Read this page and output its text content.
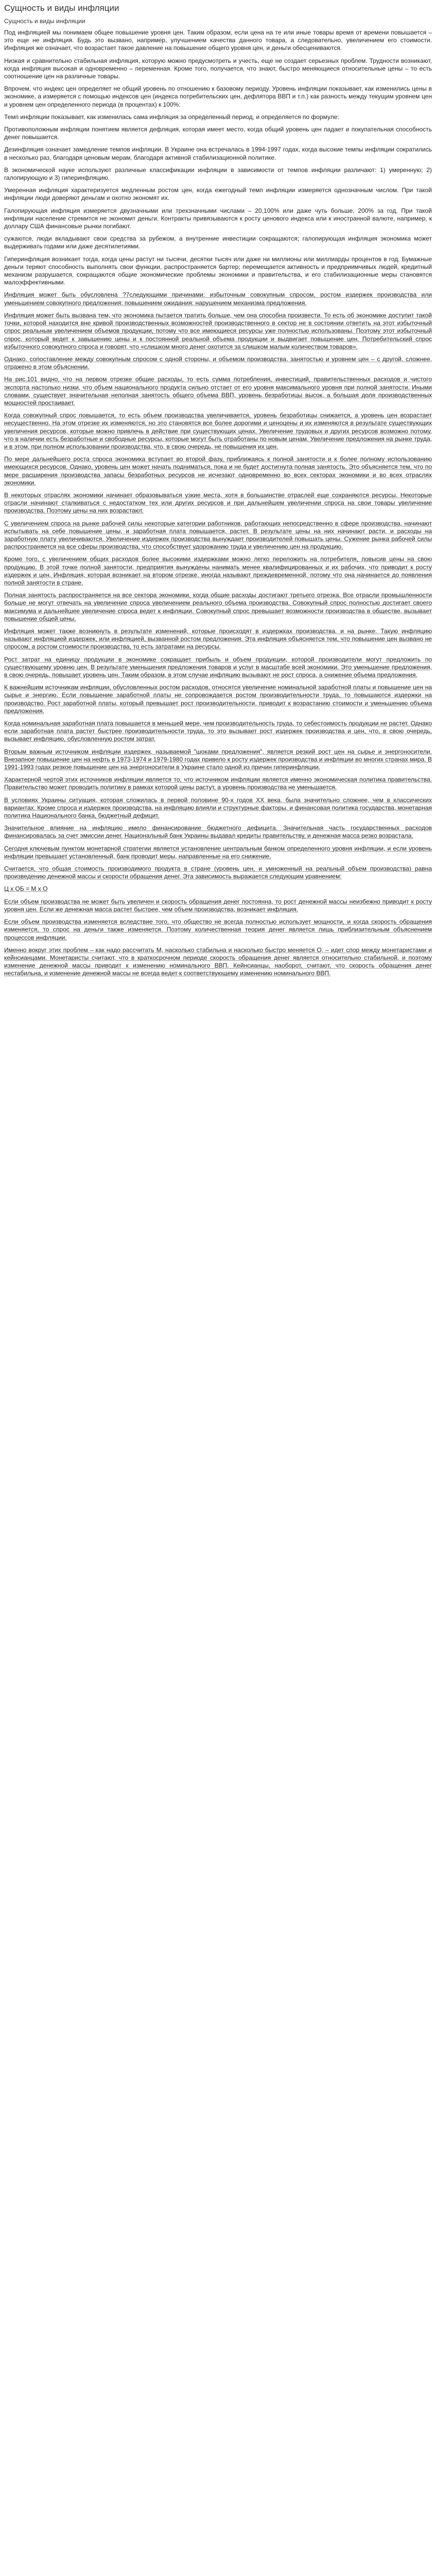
Сущность и виды инфляции
Сущность и виды инфляции

Под инфляцией мы понимаем общее повышение уровня цен. Таким образом, если цена на те или иные товары время от времени повышается – это еще не инфляция. Будь это вызвано, например, улучшением качества данного товара, а следовательно, увеличением его стоимости. Инфляция же означает, что возрастает такое давление на повышение общего уровня цен, и деньги обесцениваются.

Низкая и сравнительно стабильная инфляция, которую можно предусмотреть и учесть, еще не создает серьезных проблем. Трудности возникают, когда инфляция высокая и одновременно – переменная. Кроме того, получается, что знают, быстро меняющиеся относительные цены – то есть соотношение цен на различные товары.

Впрочем, что индекс цен определяет не общий уровень по отношению к базовому периоду. Уровень инфляции показывает, как изменились цены в экономике, а измеряется с помощью индексов цен (индекса потребительских цен, дефлятора ВВП и т.п.) как разность между текущим уровнем цен и уровнем цен определенного периода (в процентах) к 100%:

Темп инфляции показывает, как изменилась сама инфляция за определенный период, и определяется по формуле:

Противоположным инфляции понятием является дефляция, которая имеет место, когда общий уровень цен падает и покупательная способность денег повышается.

Дезинфляция означает замедление темпов инфляции. В Украине она встречалась в 1994-1997 годах, когда высокие темпы инфляции сократились в несколько раз, благодаря ценовым мерам, благодаря активной стабилизационной политике.

В экономической науке используют различные классификации инфляции в зависимости от темпов инфляции различают: 1) умеренную; 2) галопирующую и 3) гиперинфляцию.

Умеренная инфляция характеризуется медленным ростом цен, когда ежегодный темп инфляции измеряется однозначным числом. При такой инфляции люди доверяют деньгам и охотно экономят их.

Галопирующая инфляция измеряется двузначными или трехзначными числами – 20,100% или даже чуть больше, 200% за год. При такой инфляции население стремится не экономит деньги. Контракты привязываются к росту ценового индекса или к иностранной валюте, например, к доллару США финансовые рынки погибают.

сужаются, люди вкладывают свои средства за рубежом, а внутренние инвестиции сокращаются; галопирующая инфляция экономика может выдерживать годами или даже десятилетиями.

Гиперинфляция возникает тогда, когда цены растут ни тысячи, десятки тысяч или даже ни миллионы или миллиарды процентов в год. Бумажные деньги теряют способность выполнять свои функции, распространяется бартер; перемещается активность и предприимчивых людей, кредитный механизм разрушается, сокращаются общие экономические проблемы экономики и правительства, и его стабилизационные меры становятся малоэффективными.

Инфляция может быть обусловлена ?7следующими причинами: избыточным совокупным спросом, ростом издержек производства или уменьшением совокупного предложения; повышением ожидания; нарушением механизма предложения.

Инфляция может быть вызвана тем, что экономика пытается тратить больше, чем она способна произвести. То есть об экономике доступит такой точки, которой находится вне кривой производственных возможностей производственного в сектор не в состоянии ответить на этот избыточный спрос реальным увеличением объемов продукции, потому что все имеющиеся ресурсы уже полностью использованы. Поэтому этот избыточный спрос, который ведет к завышению цены и к постоянной реальной объема продукции и выдвигает повышение цен. Потребительский спрос избыточного совокупного спроса и говорят, что «слишком много денег охотится за слишком малым количеством товаров».

Однако, сопоставление между совокупным спросом с одной стороны, и объемом производства, занятостью и уровнем цен – с другой, сложнее, отражено в этом объяснении.

На рис.101 видно, что на первом отрезке общие расходы, то есть сумма потребления, инвестиций, правительственных расходов и чистого экспорта настолько низки, что объем национального продукта сильно отстает от его уровня максимального уровня при полной занятости. Иными словами, существует значительная неполная занятость общего объема ВВП, уровень безработицы высок, а большая доля производственных мощностей простаивает.

Когда совокупный спрос повышается, то есть объем производства увеличивается, уровень безработицы снижается, а уровень цен возрастает несущественно. На этом отрезке их изменяются, но это становятся все более дорогими и ценоцены и их изменяются в результате существующих увеличения ресурсов, которые можно привлечь в действие при существующих ценах. Увеличение трудовых и других ресурсов возможно потому, что в наличии есть безработные и свободные ресурсы, которые могут быть отработаны по новым ценам. Увеличение предложения на рынке труда, и в этом, при полном использовании производства, что, в свою очередь, не повышения их цен.

По мере дальнейшего роста спроса экономика вступает во второй фазу, приближаясь к полной занятости и к более полному использованию имеющихся ресурсов. Однако, уровень цен может начать подниматься, пока и не будет достигнута полная занятость. Это объясняется тем, что по мере расширения производства запасы безработных ресурсов не исчезают одновременно во всех секторах экономики и во всех отраслях экономики.

В некоторых отраслях экономики начинает образовываться узкие места, хотя в большинстве отраслей еще сохраняются ресурсы. Некоторые отрасли начинают сталкиваться с недостатком тех или других ресурсов и при дальнейшем увеличении спроса на свои товары увеличение производства. Поэтому цены на них возрастают.

С увеличением спроса на рынке рабочей силы некоторые категории работников, работающих непосредственно в сфере производства, начинают испытывать на себе повышение цены, и заработная плата повышается, растет. В результате цены на них начинают расти, и расходы на заработную плату увеличиваются. Увеличение издержек производства вынуждает производителей повышать цены. Сужение рынка рабочей силы распространяется на все сферы производства, что способствует удорожанию труда и увеличению цен на продукцию.

Кроме того, с увеличением общих расходов болee высокими издержками можно легко переложить на потребителя, повысив цены на свою продукцию. В этой точке полной занятости, предприятия вынуждены нанимать менее квалифицированных и их рабочих, что приводит к росту издержек и цен. Инфляция, которая возникает на втором отрезке, иногда называют преждевременной, потому что она начинается до появления полной занятости в стране.

Полная занятость распространяется на все сектора экономики, когда общие расходы достигают третьего отрезка. Все отрасли промышленности больше не могут отвечать на увеличение спроса увеличением реального объема производства. Совокупный спрос полностью достигает своего максимума и дальнейшее увеличение спроса ведет к инфляции. Совокупный спрос превышает возможности производства в обществе, вызывает повышение общей цены.

Инфляция может также возникнуть в результате изменений, которые происходят в издержках производства, и на рынке. Такую инфляцию называют инфляцией издержек, или инфляцией, вызванной ростом предложения. Эта инфляция объясняется тем, что повышение цен вызвано не спросом, а ростом стоимости производства, то есть затратами на ресурсы.

Рост затрат на единицу продукции в экономике сокращает прибыль и объем продукции, которой производители могут предложить по существующему уровню цен. В результате уменьшения предложения товаров и услуг в масштабе всей экономики. Это уменьшение предложения, в свою очередь, повышает уровень цен. Таким образом, в этом случае инфляцию вызывают не рост спроса, а снижение объема предложения.

К важнейшим источникам инфляции, обусловленных ростом расходов, относятся увеличение номинальной заработной платы и повышение цен на сырье и энергию. Если повышение заработной платы не сопровождается ростом производительности труда, то повышаются издержки на производство. Рост заработной платы, который превышает рост производительности, приводит к возрастанию стоимости и уменьшению объема предложения.

Когда номинальная заработная плата повышается в меньшей мере, чем производительность труда, то себестоимость продукции не растет. Однако если заработная плата растет быстрее производительности труда, то это вызывает рост издержек производства и цен, что, в свою очередь, вызывает инфляцию, обусловленную ростом затрат.

Вторым важным источником инфляции издержек, называемой "шоками предложения", является резкий рост цен на сырье и энергоносители. Внезапное повышение цен на нефть в 1973-1974 и 1979-1980 годах привело к росту издержек производства и инфляции во многих странах мира. В 1991-1993 годах резкое повышение цен на энергоносители в Украине стало одной из причин гиперинфляции.

Характерной чертой этих источников инфляции является то, что источником инфляции является именно экономическая политика правительства. Правительство может проводить политику в рамках которой цены растут, а уровень производства не уменьшается.

В условиях Украины ситуация, которая сложилась в первой половине 90-х годов ХХ века, была значительно сложнее, чем в классических вариантах. Кроме спроса и издержек производства, на инфляцию влияли и структурные факторы, и финансовая политика государства, монетарная политика Национального банка, бюджетный дефицит.

Значительное влияние на инфляцию имело финансирование бюджетного дефицита. Значительная часть государственных расходов финансировалась за счет эмиссии денег. Национальный банк Украины выдавал кредиты правительству, и денежная масса резко возрастала.

Сегодня ключевым пунктом монетарной стратегии является установление центральным банком определенного уровня инфляции, и если уровень инфляции превышает установленный, банк проводит меры, направленные на его снижение.

Считается, что общая стоимость производимого продукта в стране (уровень цен, и умноженный на реальный объем производства) равна произведению денежной массы и скорости обращения денег. Эта зависимость выражается следующим уравнением:

Ц х ОБ = М х О

Если объем производства не может быть увеличен и скорость обращения денег постоянна, то рост денежной массы неизбежно приводит к росту уровня цен. Если же денежная масса растет быстрее, чем объем производства, возникает инфляция.

Если объем производства изменяется вследствие того, что общество не всегда полностью использует мощности, и когда скорость обращения изменяется, то спрос на деньги также изменяется. Поэтому количественная теория денег является лишь приблизительным объяснением процессов инфляции.

Именно вокруг этих проблем – как надо рассчитать М, насколько стабильна и насколько быстро меняется O, – идет спор между монетаристами и кейнсианцами. Монетаристы считают, что в краткосрочном периоде скорость обращения денег является относительно стабильной, и поэтому изменение денежной массы приводит к изменению номинального ВВП. Кейнсианцы, наоборот, считают, что скорость обращения денег нестабильна, и изменение денежной массы не всегда ведет к соответствующему изменению номинального ВВП.
